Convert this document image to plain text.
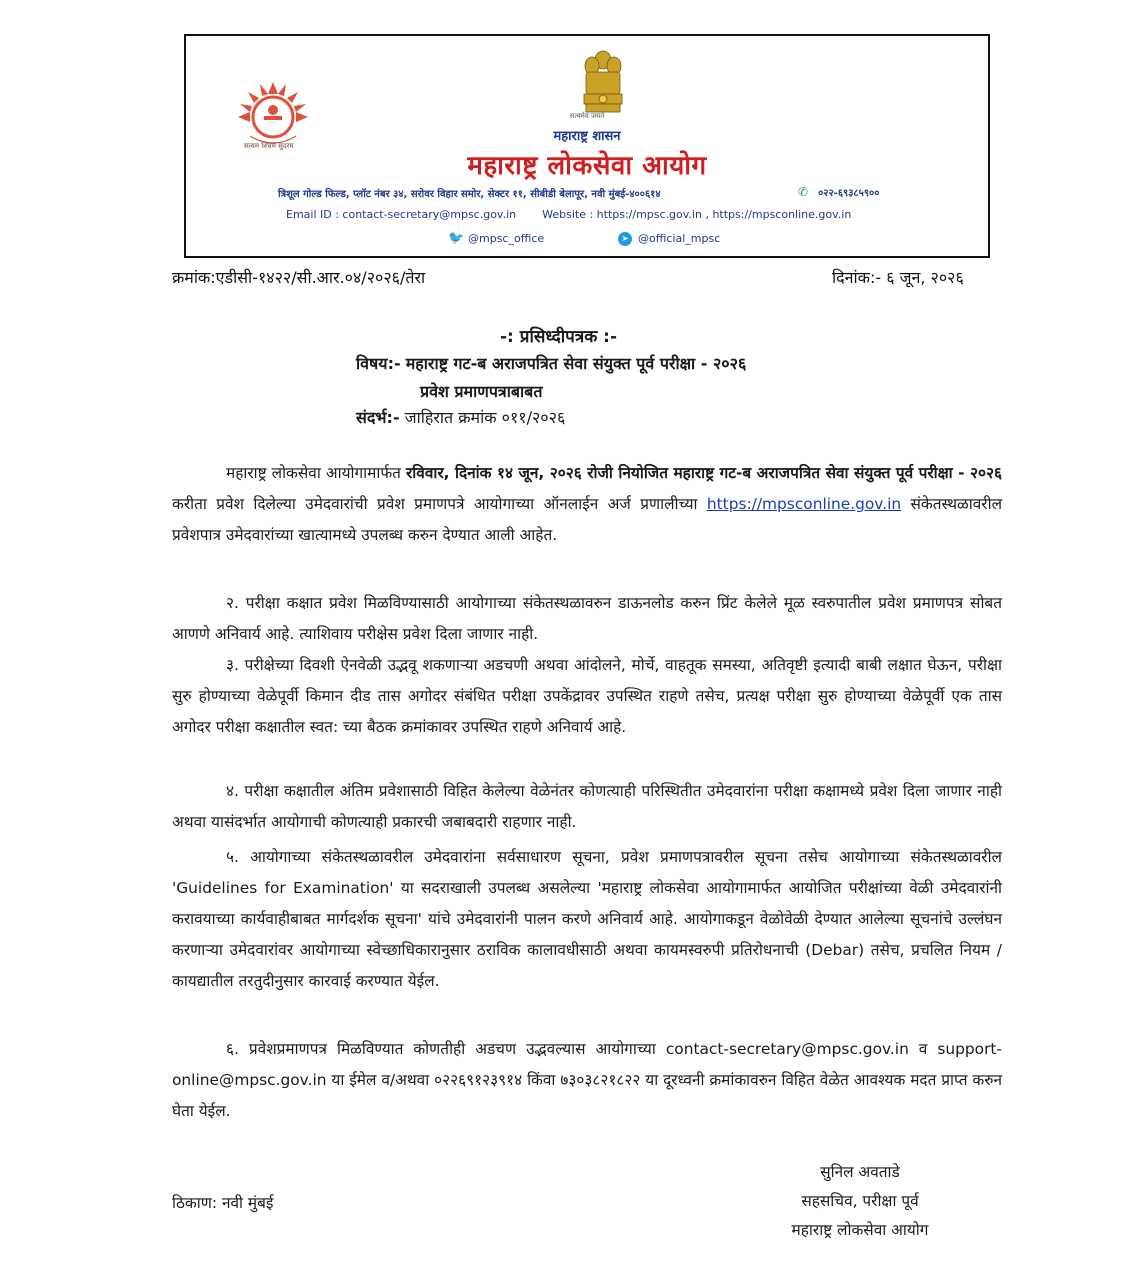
सत्यम शिवम सुंदरम
सत्यमेव जयते
महाराष्ट्र शासन
महाराष्ट्र लोकसेवा आयोग
त्रिशूल गोल्ड फिल्ड, प्लॉट नंबर ३४, सरोवर विहार समोर, सेक्टर ११, सीबीडी बेलापूर, नवी मुंबई-४००६१४	✆ ०२२-६९३८५९००
Email ID : contact-secretary@mpsc.gov.in Website : https://mpsc.gov.in , https://mpsconline.gov.in
🐦 @mpsc_office	➤ @official_mpsc
क्रमांक:एडीसी-१४२२/सी.आर.०४/२०२६/तेरा	दिनांक:- ६ जून, २०२६
-: प्रसिध्दीपत्रक :-
विषय:- महाराष्ट्र गट-ब अराजपत्रित सेवा संयुक्त पूर्व परीक्षा - २०२६
प्रवेश प्रमाणपत्राबाबत
संदर्भ:- जाहिरात क्रमांक ०११/२०२६
महाराष्ट्र लोकसेवा आयोगामार्फत रविवार, दिनांक १४ जून, २०२६ रोजी नियोजित महाराष्ट्र गट-ब अराजपत्रित सेवा संयुक्त पूर्व परीक्षा - २०२६ करीता प्रवेश दिलेल्या उमेदवारांची प्रवेश प्रमाणपत्रे आयोगाच्या ऑनलाईन अर्ज प्रणालीच्या https://mpsconline.gov.in संकेतस्थळावरील प्रवेशपात्र उमेदवारांच्या खात्यामध्ये उपलब्ध करुन देण्यात आली आहेत.
२. परीक्षा कक्षात प्रवेश मिळविण्यासाठी आयोगाच्या संकेतस्थळावरुन डाऊनलोड करुन प्रिंट केलेले मूळ स्वरुपातील प्रवेश प्रमाणपत्र सोबत आणणे अनिवार्य आहे. त्याशिवाय परीक्षेस प्रवेश दिला जाणार नाही.
३. परीक्षेच्या दिवशी ऐनवेळी उद्भवू शकणाऱ्या अडचणी अथवा आंदोलने, मोर्चे, वाहतूक समस्या, अतिवृष्टी इत्यादी बाबी लक्षात घेऊन, परीक्षा सुरु होण्याच्या वेळेपूर्वी किमान दीड तास अगोदर संबंधित परीक्षा उपकेंद्रावर उपस्थित राहणे तसेच, प्रत्यक्ष परीक्षा सुरु होण्याच्या वेळेपूर्वी एक तास अगोदर परीक्षा कक्षातील स्वत: च्या बैठक क्रमांकावर उपस्थित राहणे अनिवार्य आहे.
४. परीक्षा कक्षातील अंतिम प्रवेशासाठी विहित केलेल्या वेळेनंतर कोणत्याही परिस्थितीत उमेदवारांना परीक्षा कक्षामध्ये प्रवेश दिला जाणार नाही अथवा यासंदर्भात आयोगाची कोणत्याही प्रकारची जबाबदारी राहणार नाही.
५. आयोगाच्या संकेतस्थळावरील उमेदवारांना सर्वसाधारण सूचना, प्रवेश प्रमाणपत्रावरील सूचना तसेच आयोगाच्या संकेतस्थळावरील 'Guidelines for Examination' या सदराखाली उपलब्ध असलेल्या 'महाराष्ट्र लोकसेवा आयोगामार्फत आयोजित परीक्षांच्या वेळी उमेदवारांनी करावयाच्या कार्यवाहीबाबत मार्गदर्शक सूचना' यांचे उमेदवारांनी पालन करणे अनिवार्य आहे. आयोगाकडून वेळोवेळी देण्यात आलेल्या सूचनांचे उल्लंघन करणाऱ्या उमेदवारांवर आयोगाच्या स्वेच्छाधिकारानुसार ठराविक कालावधीसाठी अथवा कायमस्वरुपी प्रतिरोधनाची (Debar) तसेच, प्रचलित नियम / कायद्यातील तरतुदीनुसार कारवाई करण्यात येईल.
६. प्रवेशप्रमाणपत्र मिळविण्यात कोणतीही अडचण उद्भवल्यास आयोगाच्या contact-secretary@mpsc.gov.in व support-online@mpsc.gov.in या ईमेल व/अथवा ०२२६९१२३९१४ किंवा ७३०३८२१८२२ या दूरध्वनी क्रमांकावरुन विहित वेळेत आवश्यक मदत प्राप्त करुन घेता येईल.
ठिकाण: नवी मुंबई
सुनिल अवताडे
सहसचिव, परीक्षा पूर्व
महाराष्ट्र लोकसेवा आयोग
